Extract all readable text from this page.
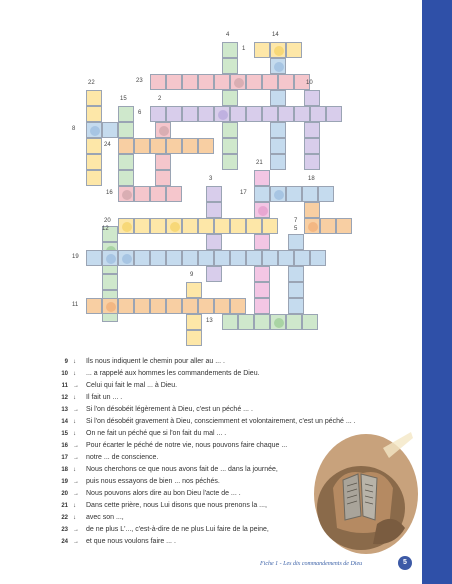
1
2
3
4
5
6
7
8
9
10
11
12
13
14
15
16	17
18
19
20
21
22	23
24
9 ↓ Ils nous indiquent le chemin pour aller au ... .
10 ↓ ... a rappelé aux hommes les commandements de Dieu.
11 → Celui qui fait le mal ... à Dieu.
12 ↓ Il fait un ... .
13 → Si l'on désobéit légèrement à Dieu, c'est un péché ... .
14 ↓ Si l'on désobéit gravement à Dieu, consciemment et volontairement, c'est un péché ... .
15 ↓ On ne fait un péché que si l'on fait du mal ... .
16 → Pour écarter le péché de notre vie, nous pouvons faire chaque ...
17 → notre ... de conscience.
18 ↓ Nous cherchons ce que nous avons fait de ... dans la journée,
19 → puis nous essayons de bien ... nos péchés.
20 → Nous pouvons alors dire au bon Dieu l'acte de ... .
21 ↓ Dans cette prière, nous Lui disons que nous prenons la ...,
22 ↓ avec son ...,
23 → de ne plus L'..., c'est-à-dire de ne plus Lui faire de la peine,
24 → et que nous voulons faire ... .
Fiche 1 - Les dix commandements de Dieu	5
